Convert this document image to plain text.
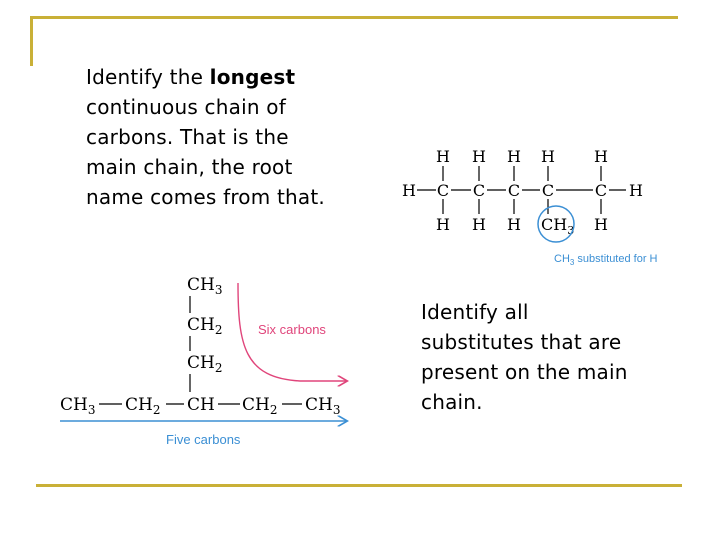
Identify the longest
continuous chain of
carbons. That is the
main chain, the root
name comes from that.
Identify all
substitutes that are
present on the main
chain.
H H H H H
H C C C C	C H
H H H	H
$CH_3$
$CH_3$ substituted for H
$CH_3$
$CH_2$
$CH_2$
$CH_3$ $CH_2$ CH $CH_2$ $CH_3$
Six carbons
Five carbons
